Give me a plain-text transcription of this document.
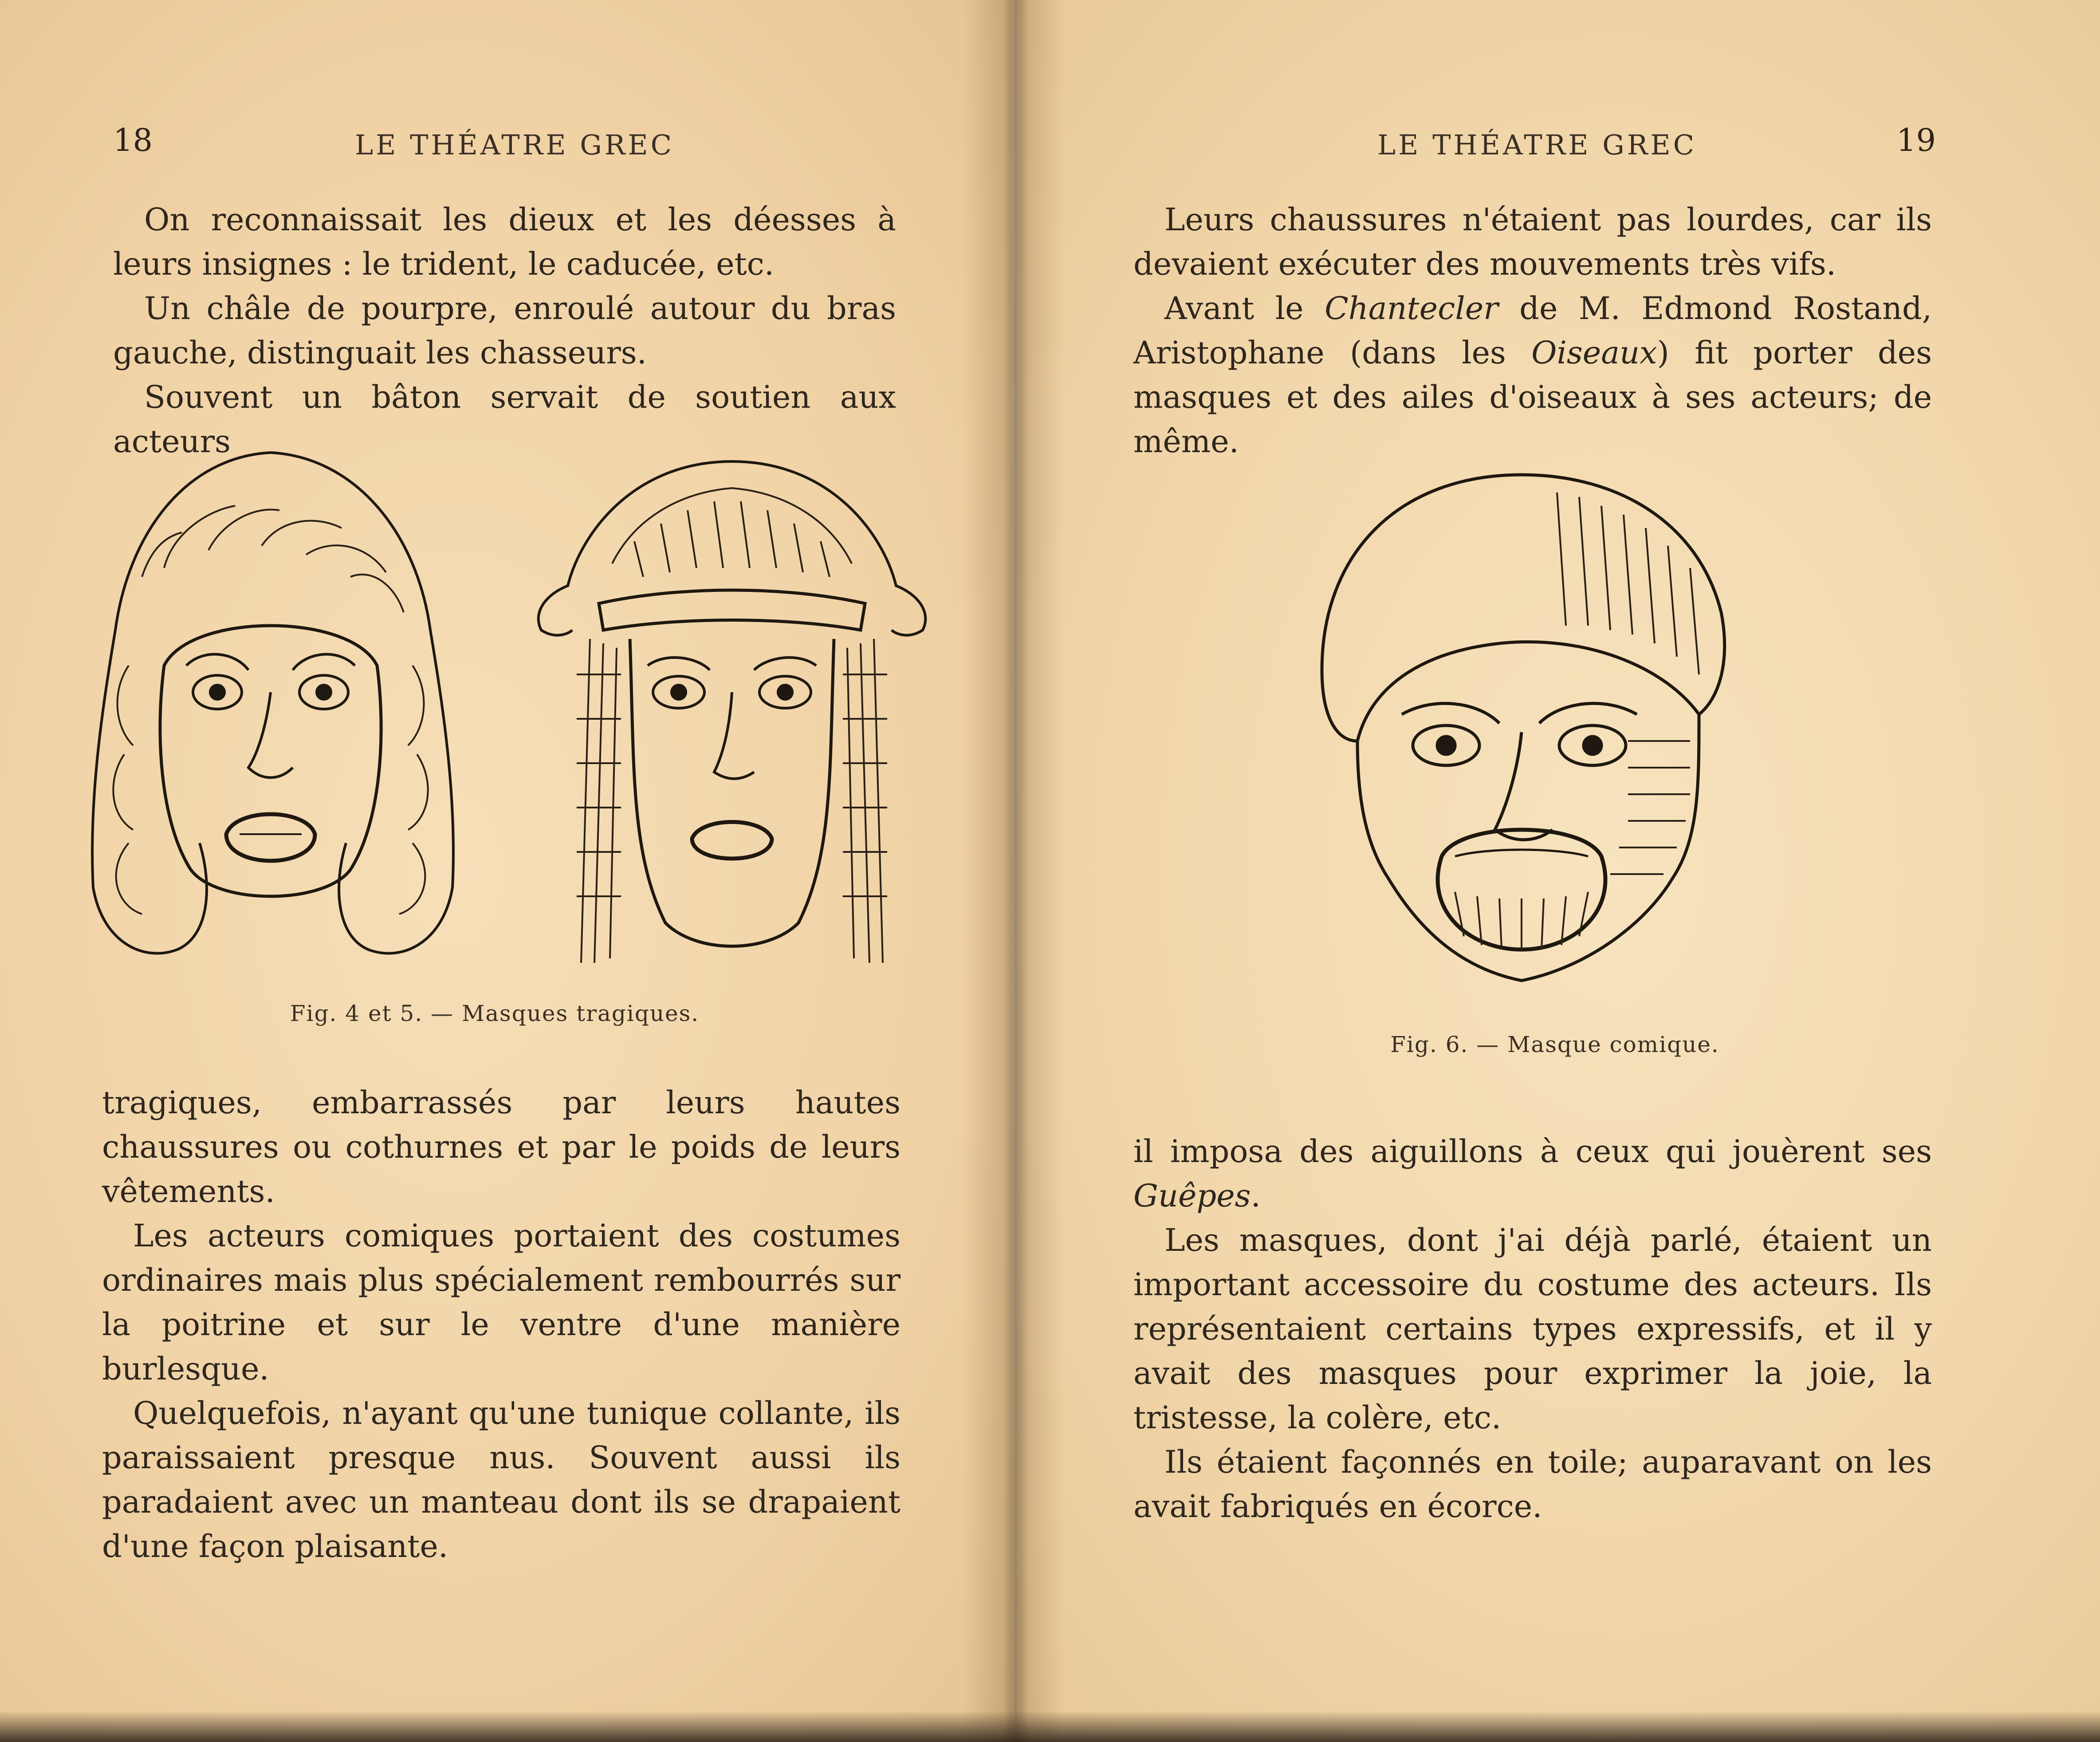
18	LE THÉATRE GREC

On reconnaissait les dieux et les déesses à leurs insignes : le trident, le caducée, etc.

Un châle de pourpre, enroulé autour du bras gauche, distinguait les chasseurs.

Souvent un bâton servait de soutien aux acteurs

Fig. 4 et 5. — Masques tragiques.

tragiques, embarrassés par leurs hautes chaussures ou cothurnes et par le poids de leurs vêtements.

Les acteurs comiques portaient des costumes ordinaires mais plus spécialement rembourrés sur la poitrine et sur le ventre d'une manière burlesque.

Quelquefois, n'ayant qu'une tunique collante, ils paraissaient presque nus. Souvent aussi ils paradaient avec un manteau dont ils se drapaient d'une façon plaisante.

LE THÉATRE GREC	19

Leurs chaussures n'étaient pas lourdes, car ils devaient exécuter des mouvements très vifs.

Avant le Chantecler de M. Edmond Rostand, Aristophane (dans les Oiseaux) fit porter des masques et des ailes d'oiseaux à ses acteurs; de même.

Fig. 6. — Masque comique.

il imposa des aiguillons à ceux qui jouèrent ses Guêpes.

Les masques, dont j'ai déjà parlé, étaient un important accessoire du costume des acteurs. Ils représentaient certains types expressifs, et il y avait des masques pour exprimer la joie, la tristesse, la colère, etc.

Ils étaient façonnés en toile; auparavant on les avait fabriqués en écorce.
